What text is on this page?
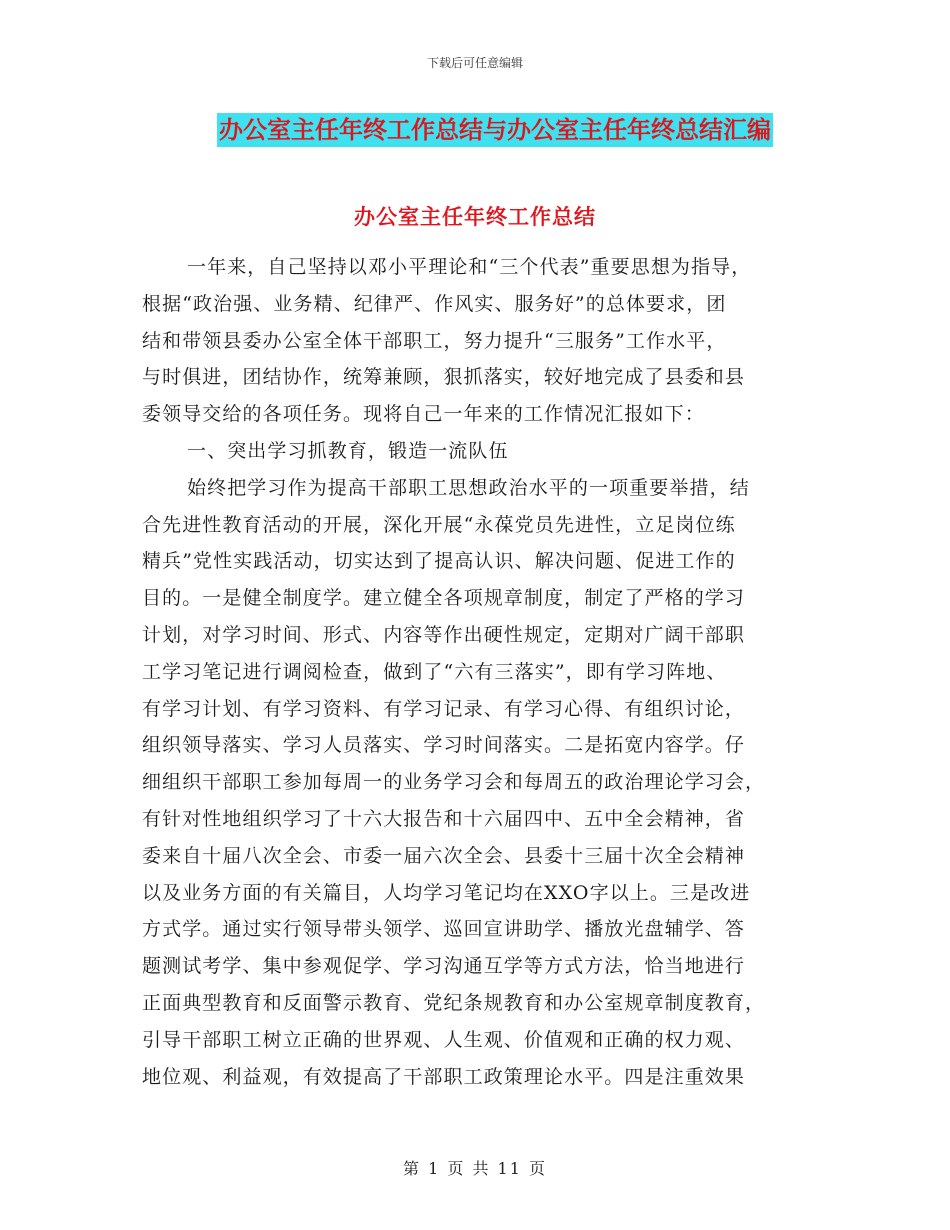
下载后可任意编辑
办公室主任年终工作总结与办公室主任年终总结汇编
办公室主任年终工作总结
一年来，自己坚持以邓小平理论和“三个代表”重要思想为指导，
根据“政治强、业务精、纪律严、作风实、服务好”的总体要求，团
结和带领县委办公室全体干部职工，努力提升“三服务”工作水平，
与时俱进，团结协作，统筹兼顾，狠抓落实，较好地完成了县委和县
委领导交给的各项任务。现将自己一年来的工作情况汇报如下：
一、突出学习抓教育，锻造一流队伍
始终把学习作为提高干部职工思想政治水平的一项重要举措，结
合先进性教育活动的开展，深化开展“永葆党员先进性，立足岗位练
精兵”党性实践活动，切实达到了提高认识、解决问题、促进工作的
目的。一是健全制度学。建立健全各项规章制度，制定了严格的学习
计划，对学习时间、形式、内容等作出硬性规定，定期对广阔干部职
工学习笔记进行调阅检查，做到了“六有三落实”，即有学习阵地、
有学习计划、有学习资料、有学习记录、有学习心得、有组织讨论，
组织领导落实、学习人员落实、学习时间落实。二是拓宽内容学。仔
细组织干部职工参加每周一的业务学习会和每周五的政治理论学习会，
有针对性地组织学习了十六大报告和十六届四中、五中全会精神，省
委来自十届八次全会、市委一届六次全会、县委十三届十次全会精神
以及业务方面的有关篇目，人均学习笔记均在XXO字以上。三是改进
方式学。通过实行领导带头领学、巡回宣讲助学、播放光盘辅学、答
题测试考学、集中参观促学、学习沟通互学等方式方法，恰当地进行
正面典型教育和反面警示教育、党纪条规教育和办公室规章制度教育，
引导干部职工树立正确的世界观、人生观、价值观和正确的权力观、
地位观、利益观，有效提高了干部职工政策理论水平。四是注重效果
第 1 页 共 11 页
